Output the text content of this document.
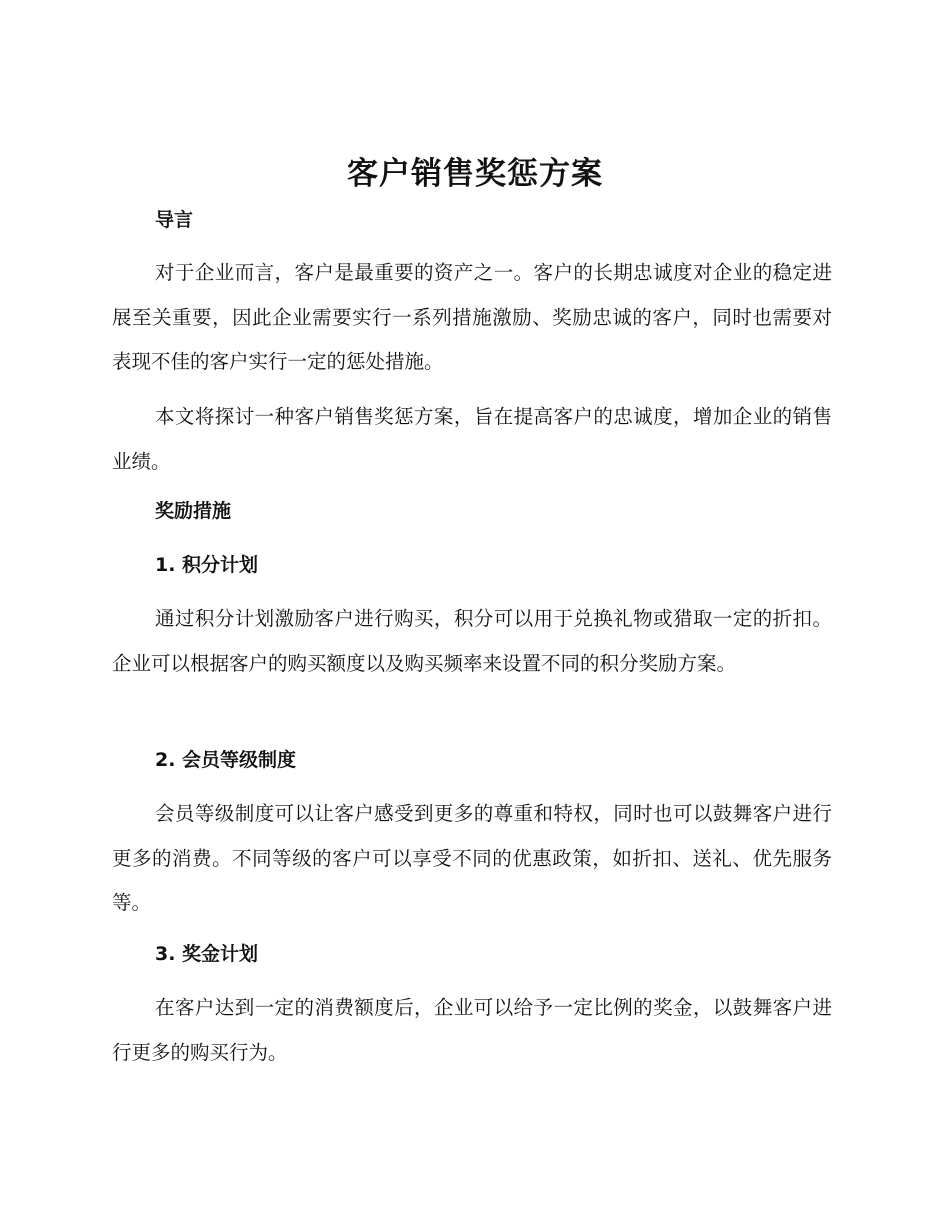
客户销售奖惩方案
导言

对于企业而言，客户是最重要的资产之一。客户的长期忠诚度对企业的稳定进展至关重要，因此企业需要实行一系列措施激励、奖励忠诚的客户，同时也需要对表现不佳的客户实行一定的惩处措施。

本文将探讨一种客户销售奖惩方案，旨在提高客户的忠诚度，增加企业的销售业绩。

奖励措施
1. 积分计划

通过积分计划激励客户进行购买，积分可以用于兑换礼物或猎取一定的折扣。企业可以根据客户的购买额度以及购买频率来设置不同的积分奖励方案。

2. 会员等级制度

会员等级制度可以让客户感受到更多的尊重和特权，同时也可以鼓舞客户进行更多的消费。不同等级的客户可以享受不同的优惠政策，如折扣、送礼、优先服务等。

3. 奖金计划

在客户达到一定的消费额度后，企业可以给予一定比例的奖金，以鼓舞客户进行更多的购买行为。
